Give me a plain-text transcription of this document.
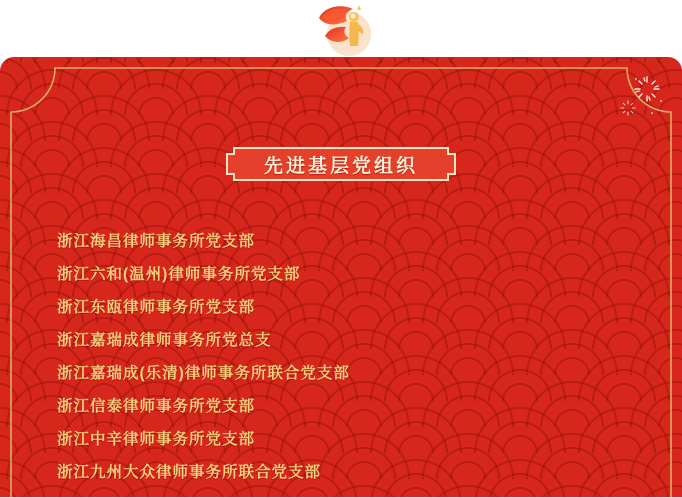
先进基层党组织
浙江海昌律师事务所党支部
浙江六和(温州)律师事务所党支部
浙江东瓯律师事务所党支部
浙江嘉瑞成律师事务所党总支
浙江嘉瑞成(乐清)律师事务所联合党支部
浙江信泰律师事务所党支部
浙江中辛律师事务所党支部
浙江九州大众律师事务所联合党支部
